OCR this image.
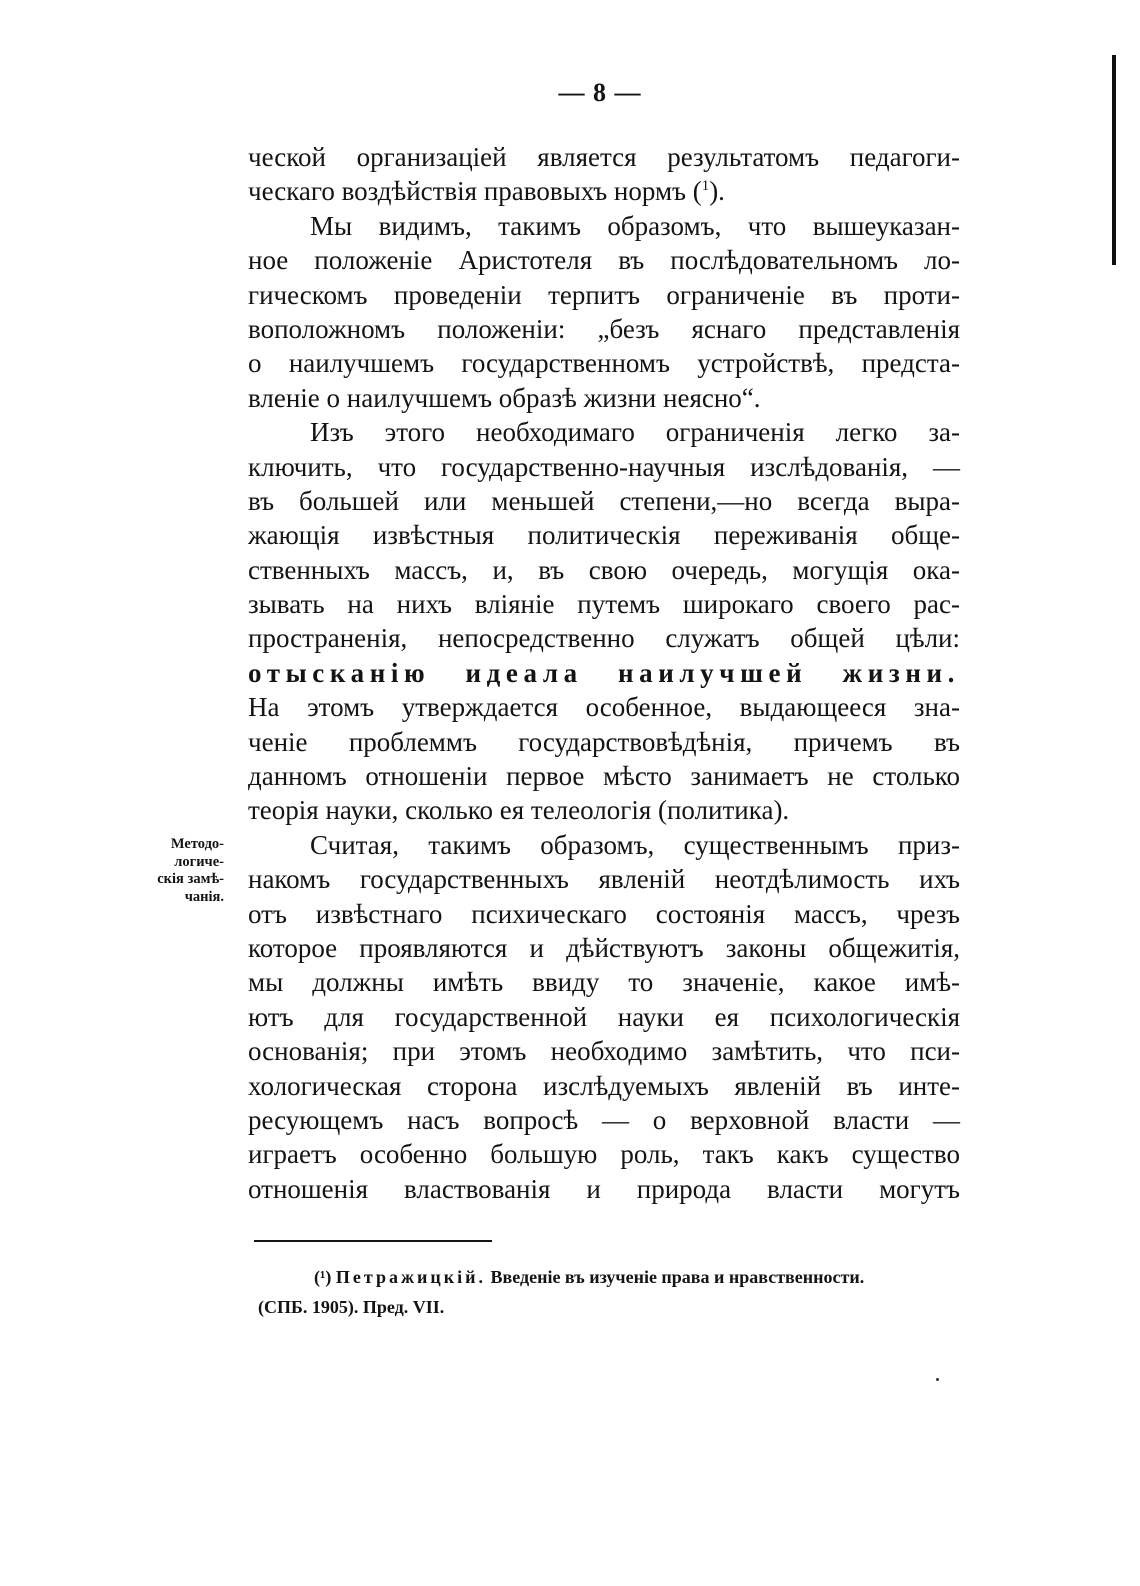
— 8 —
ческой организаціей является результатомъ педагоги-
ческаго воздѣйствія правовыхъ нормъ ($^1$).
Мы видимъ, такимъ образомъ, что вышеуказан-
ное положеніе Аристотеля въ послѣдовательномъ ло-
гическомъ проведеніи терпитъ ограниченіе въ проти-
воположномъ положеніи: „безъ яснаго представленія
о наилучшемъ государственномъ устройствѣ, предста-
вленіе о наилучшемъ образѣ жизни неясно“.
Изъ этого необходимаго ограниченія легко за-
ключить, что государственно-научныя изслѣдованія, —
въ большей или меньшей степени,—но всегда выра-
жающія извѣстныя политическія переживанія обще-
ственныхъ массъ, и, въ свою очередь, могущія ока-
зывать на нихъ вліяніе путемъ широкаго своего рас-
пространенія, непосредственно служатъ общей цѣли:
отысканію идеала наилучшей жизни.
На этомъ утверждается особенное, выдающееся зна-
ченіе проблеммъ государствовѣдѣнія, причемъ въ
данномъ отношеніи первое мѣсто занимаетъ не столько
теорія науки, сколько ея телеологія (политика).
Считая, такимъ образомъ, существеннымъ приз-
накомъ государственныхъ явленій неотдѣлимость ихъ
отъ извѣстнаго психическаго состоянія массъ, чрезъ
которое проявляются и дѣйствуютъ законы общежитія,
мы должны имѣть ввиду то значеніе, какое имѣ-
ютъ для государственной науки ея психологическія
основанія; при этомъ необходимо замѣтить, что пси-
хологическая сторона изслѣдуемыхъ явленій въ инте-
ресующемъ насъ вопросѣ — о верховной власти —
играетъ особенно большую роль, такъ какъ существо
отношенія властвованія и природа власти могутъ
Методо-
логиче-
скія замѣ-
чанія.
(¹) Петражицкій. Введеніе въ изученіе права и нравственности.
(СПБ. 1905). Пред. VII.
